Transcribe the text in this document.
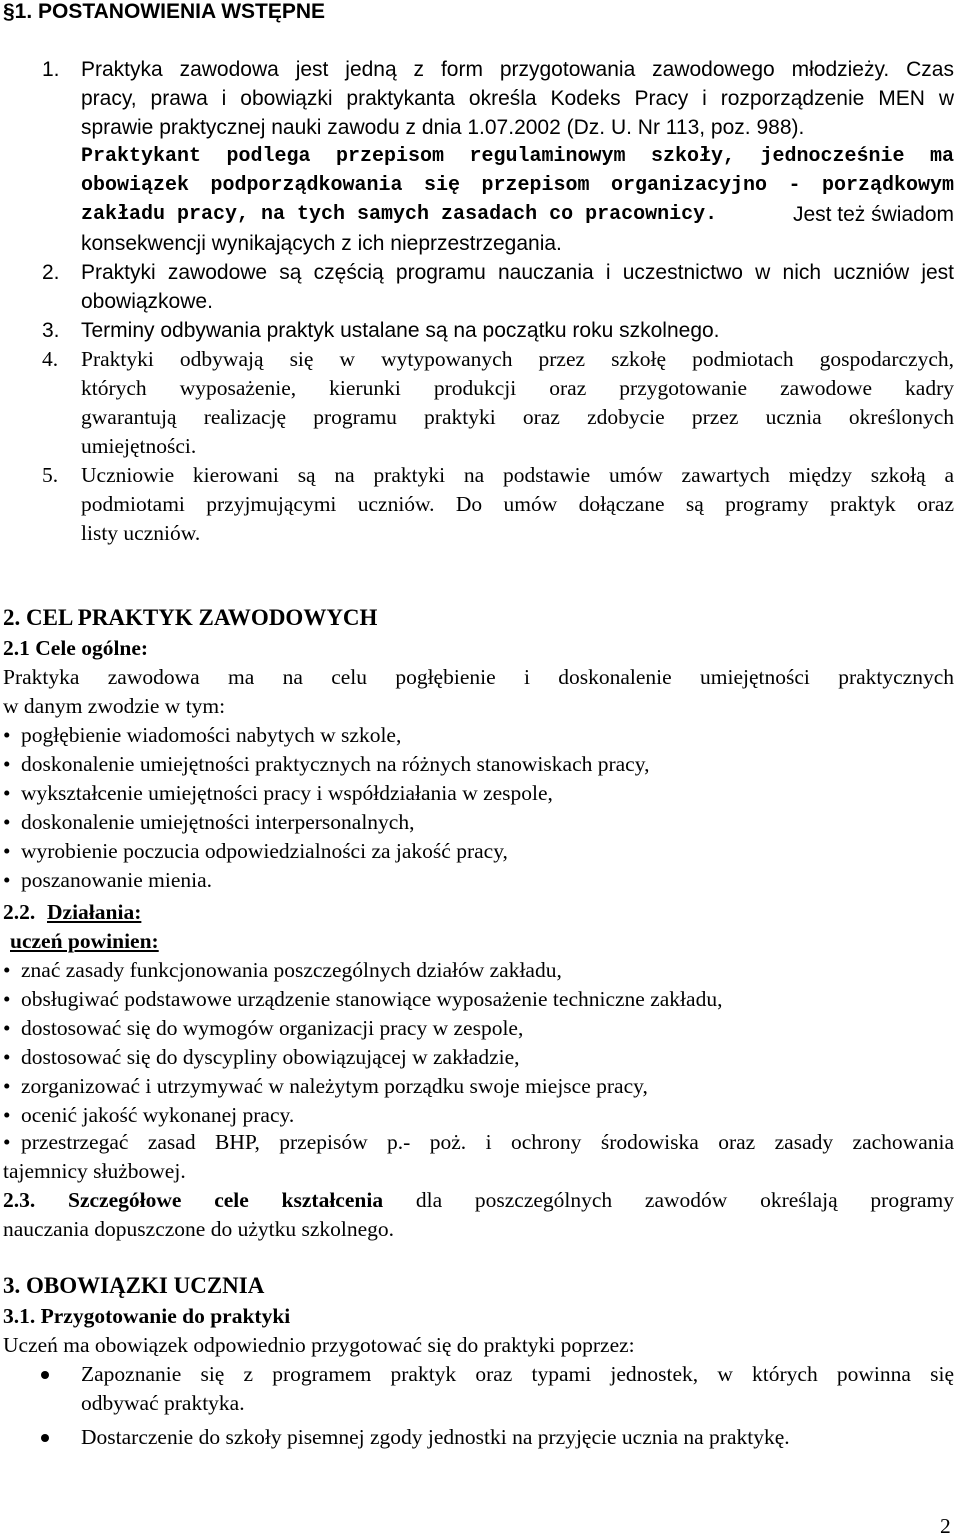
§1. POSTANOWIENIA WSTĘPNE
1. Praktyka zawodowa jest jedną z form przygotowania zawodowego młodzieży. Czas
pracy, prawa i obowiązki praktykanta określa Kodeks Pracy i rozporządzenie MEN w
sprawie praktycznej nauki zawodu z dnia 1.07.2002 (Dz. U. Nr 113, poz. 988).
Praktykant podlega przepisom regulaminowym szkoły, jednocześnie ma
obowiązek podporządkowania się przepisom organizacyjno - porządkowym
zakładu pracy, na tych samych zasadach co pracownicy.	Jest też świadom
konsekwencji wynikających z ich nieprzestrzegania.
2. Praktyki zawodowe są częścią programu nauczania i uczestnictwo w nich uczniów jest
obowiązkowe.
3. Terminy odbywania praktyk ustalane są na początku roku szkolnego.
4. Praktyki odbywają się w wytypowanych przez szkołę podmiotach gospodarczych,
których wyposażenie, kierunki produkcji oraz przygotowanie zawodowe kadry
gwarantują realizację programu praktyki oraz zdobycie przez ucznia określonych
umiejętności.
5. Uczniowie kierowani są na praktyki na podstawie umów zawartych między szkołą a
podmiotami przyjmującymi uczniów. Do umów dołączane są programy praktyk oraz
listy uczniów.
2. CEL PRAKTYK ZAWODOWYCH
2.1 Cele ogólne:
Praktyka zawodowa ma na celu pogłębienie i doskonalenie umiejętności praktycznych
w danym zwodzie w tym:
• pogłębienie wiadomości nabytych w szkole,
• doskonalenie umiejętności praktycznych na różnych stanowiskach pracy,
• wykształcenie umiejętności pracy i współdziałania w zespole,
• doskonalenie umiejętności interpersonalnych,
• wyrobienie poczucia odpowiedzialności za jakość pracy,
• poszanowanie mienia.
2.2. Działania:
uczeń powinien:
• znać zasady funkcjonowania poszczególnych działów zakładu,
• obsługiwać podstawowe urządzenie stanowiące wyposażenie techniczne zakładu,
• dostosować się do wymogów organizacji pracy w zespole,
• dostosować się do dyscypliny obowiązującej w zakładzie,
• zorganizować i utrzymywać w należytym porządku swoje miejsce pracy,
• ocenić jakość wykonanej pracy.
• przestrzegać zasad BHP, przepisów p.- poż. i ochrony środowiska oraz zasady zachowania
tajemnicy służbowej.
2.3. Szczegółowe cele kształcenia dla poszczególnych zawodów określają programy
nauczania dopuszczone do użytku szkolnego.
3. OBOWIĄZKI UCZNIA
3.1. Przygotowanie do praktyki
Uczeń ma obowiązek odpowiednio przygotować się do praktyki poprzez:
Zapoznanie się z programem praktyk oraz typami jednostek, w których powinna się
odbywać praktyka.
Dostarczenie do szkoły pisemnej zgody jednostki na przyjęcie ucznia na praktykę.
2
